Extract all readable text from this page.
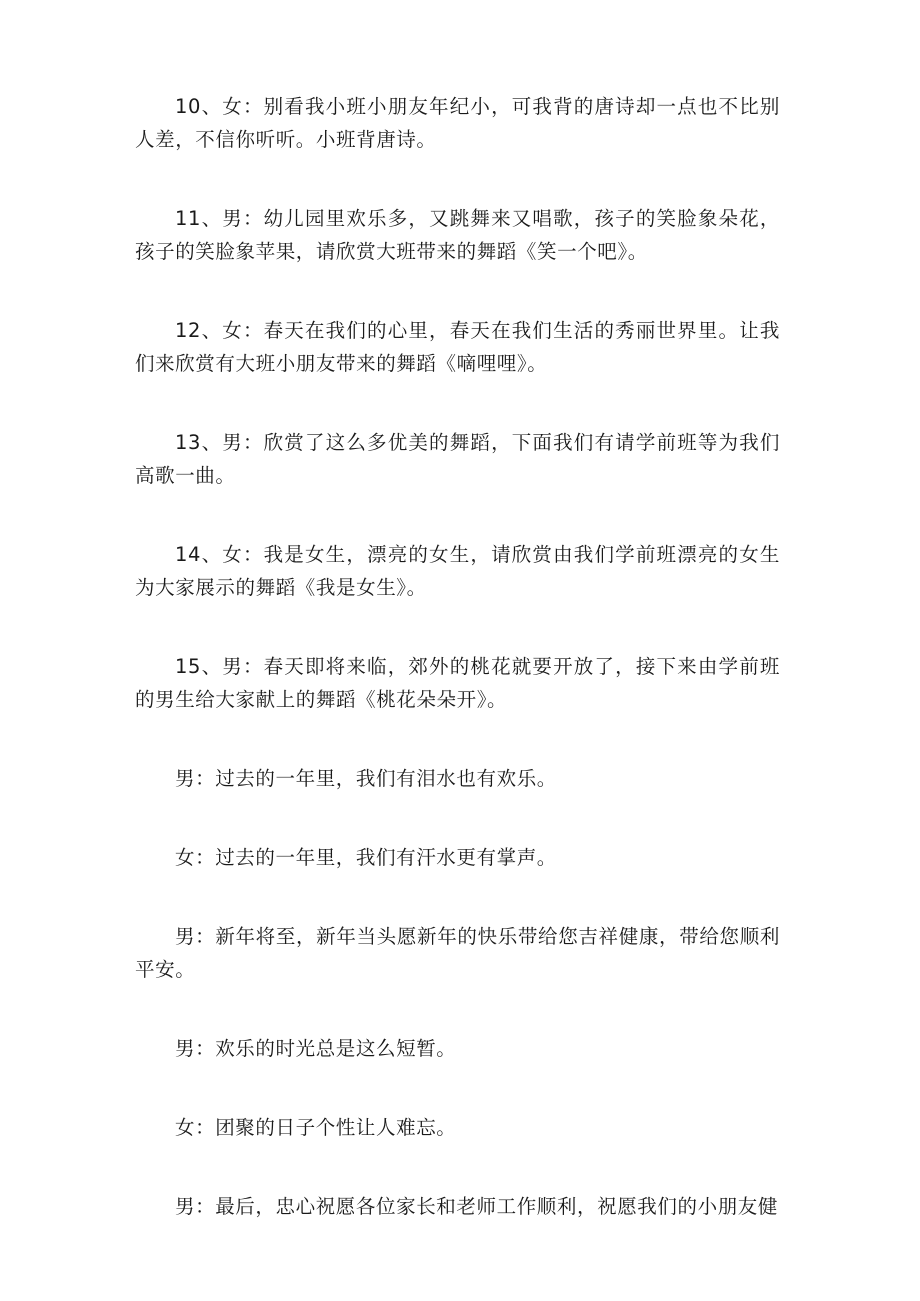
10、女：别看我小班小朋友年纪小，可我背的唐诗却一点也不比别人差，不信你听听。小班背唐诗。

11、男：幼儿园里欢乐多，又跳舞来又唱歌，孩子的笑脸象朵花，孩子的笑脸象苹果，请欣赏大班带来的舞蹈《笑一个吧》。

12、女：春天在我们的心里，春天在我们生活的秀丽世界里。让我们来欣赏有大班小朋友带来的舞蹈《嘀哩哩》。

13、男：欣赏了这么多优美的舞蹈，下面我们有请学前班等为我们高歌一曲。

14、女：我是女生，漂亮的女生，请欣赏由我们学前班漂亮的女生为大家展示的舞蹈《我是女生》。

15、男：春天即将来临，郊外的桃花就要开放了，接下来由学前班的男生给大家献上的舞蹈《桃花朵朵开》。

男：过去的一年里，我们有泪水也有欢乐。

女：过去的一年里，我们有汗水更有掌声。

男：新年将至，新年当头愿新年的快乐带给您吉祥健康，带给您顺利平安。

男：欢乐的时光总是这么短暂。

女：团聚的日子个性让人难忘。

男：最后，忠心祝愿各位家长和老师工作顺利，祝愿我们的小朋友健
